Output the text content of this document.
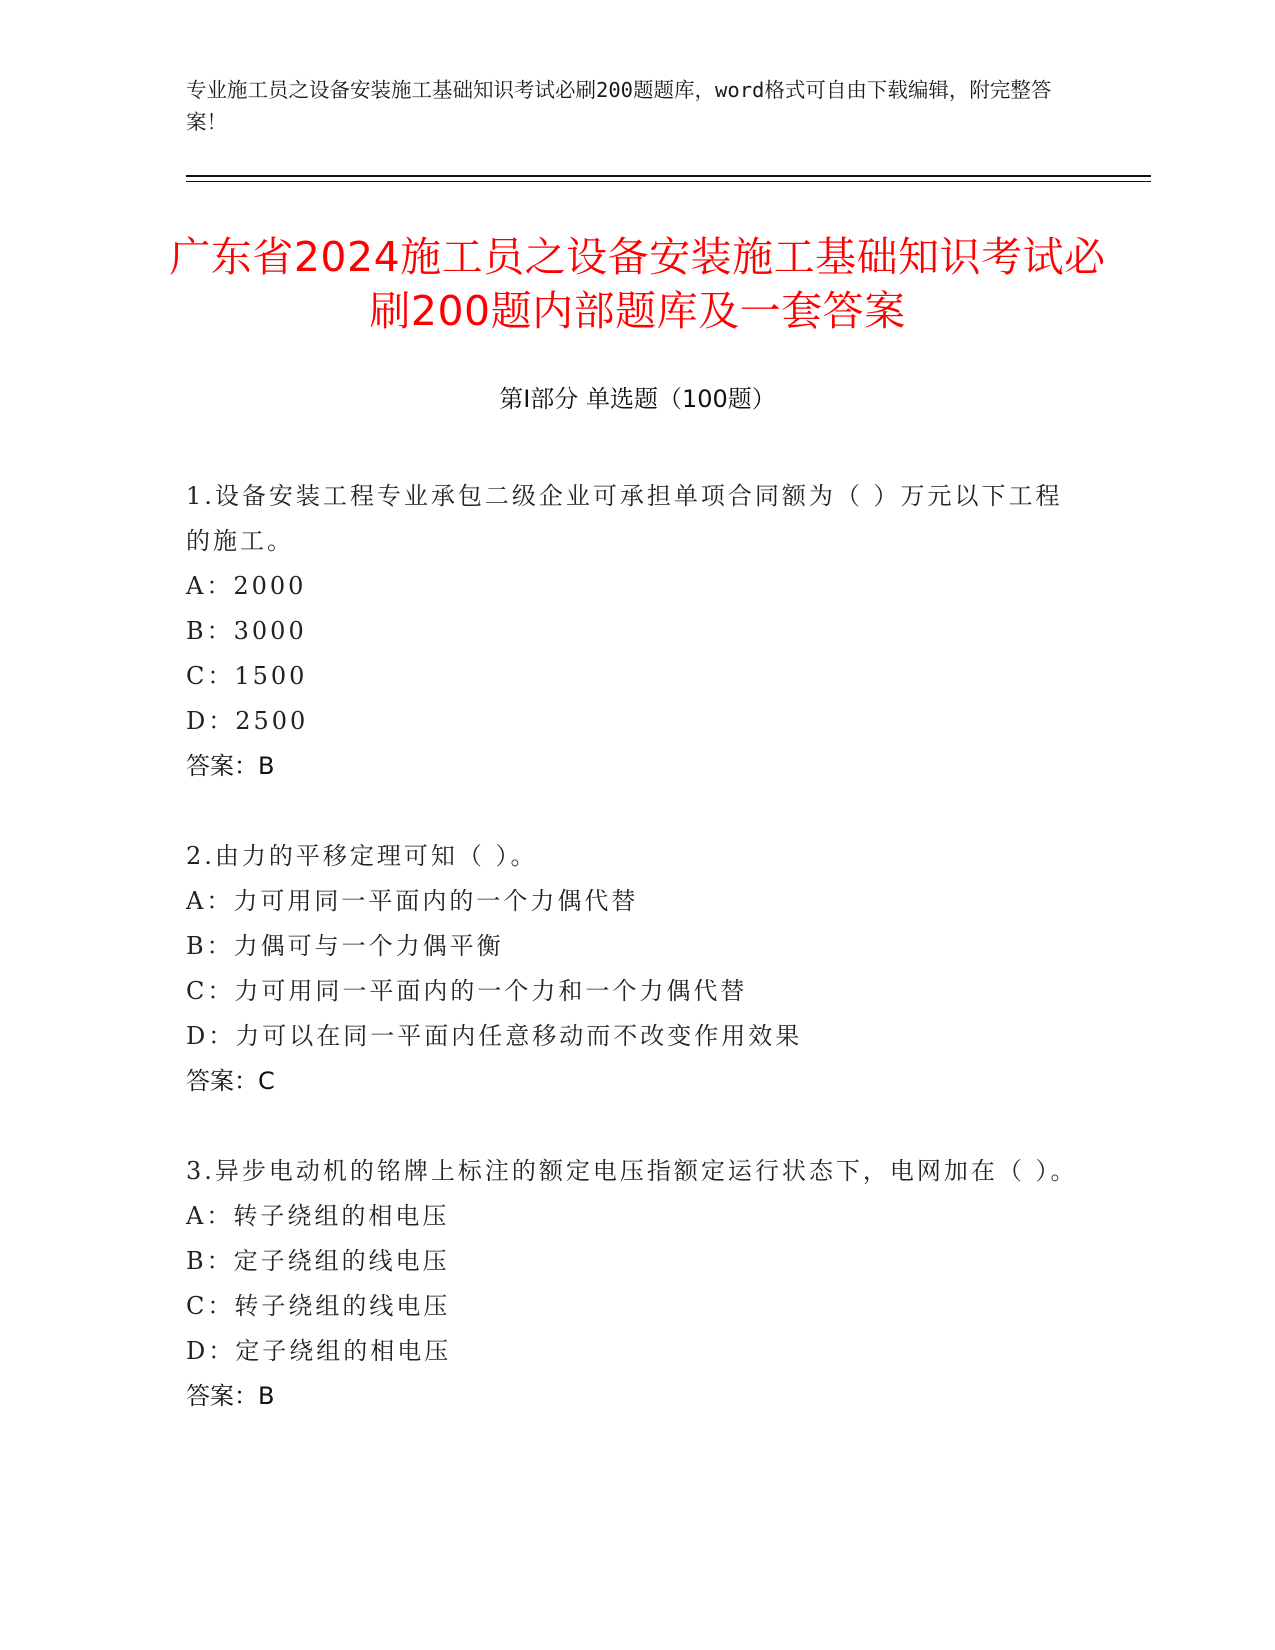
专业施工员之设备安装施工基础知识考试必刷200题题库，word格式可自由下载编辑，附完整答案！
广东省2024施工员之设备安装施工基础知识考试必刷200题内部题库及一套答案
第Ⅰ部分 单选题（100题）
1.设备安装工程专业承包二级企业可承担单项合同额为（ ）万元以下工程的施工。
A：2000
B：3000
C：1500
D：2500
答案：B
2.由力的平移定理可知（ ）。
A：力可用同一平面内的一个力偶代替
B：力偶可与一个力偶平衡
C：力可用同一平面内的一个力和一个力偶代替
D：力可以在同一平面内任意移动而不改变作用效果
答案：C
3.异步电动机的铭牌上标注的额定电压指额定运行状态下，电网加在（ ）。
A：转子绕组的相电压
B：定子绕组的线电压
C：转子绕组的线电压
D：定子绕组的相电压
答案：B
